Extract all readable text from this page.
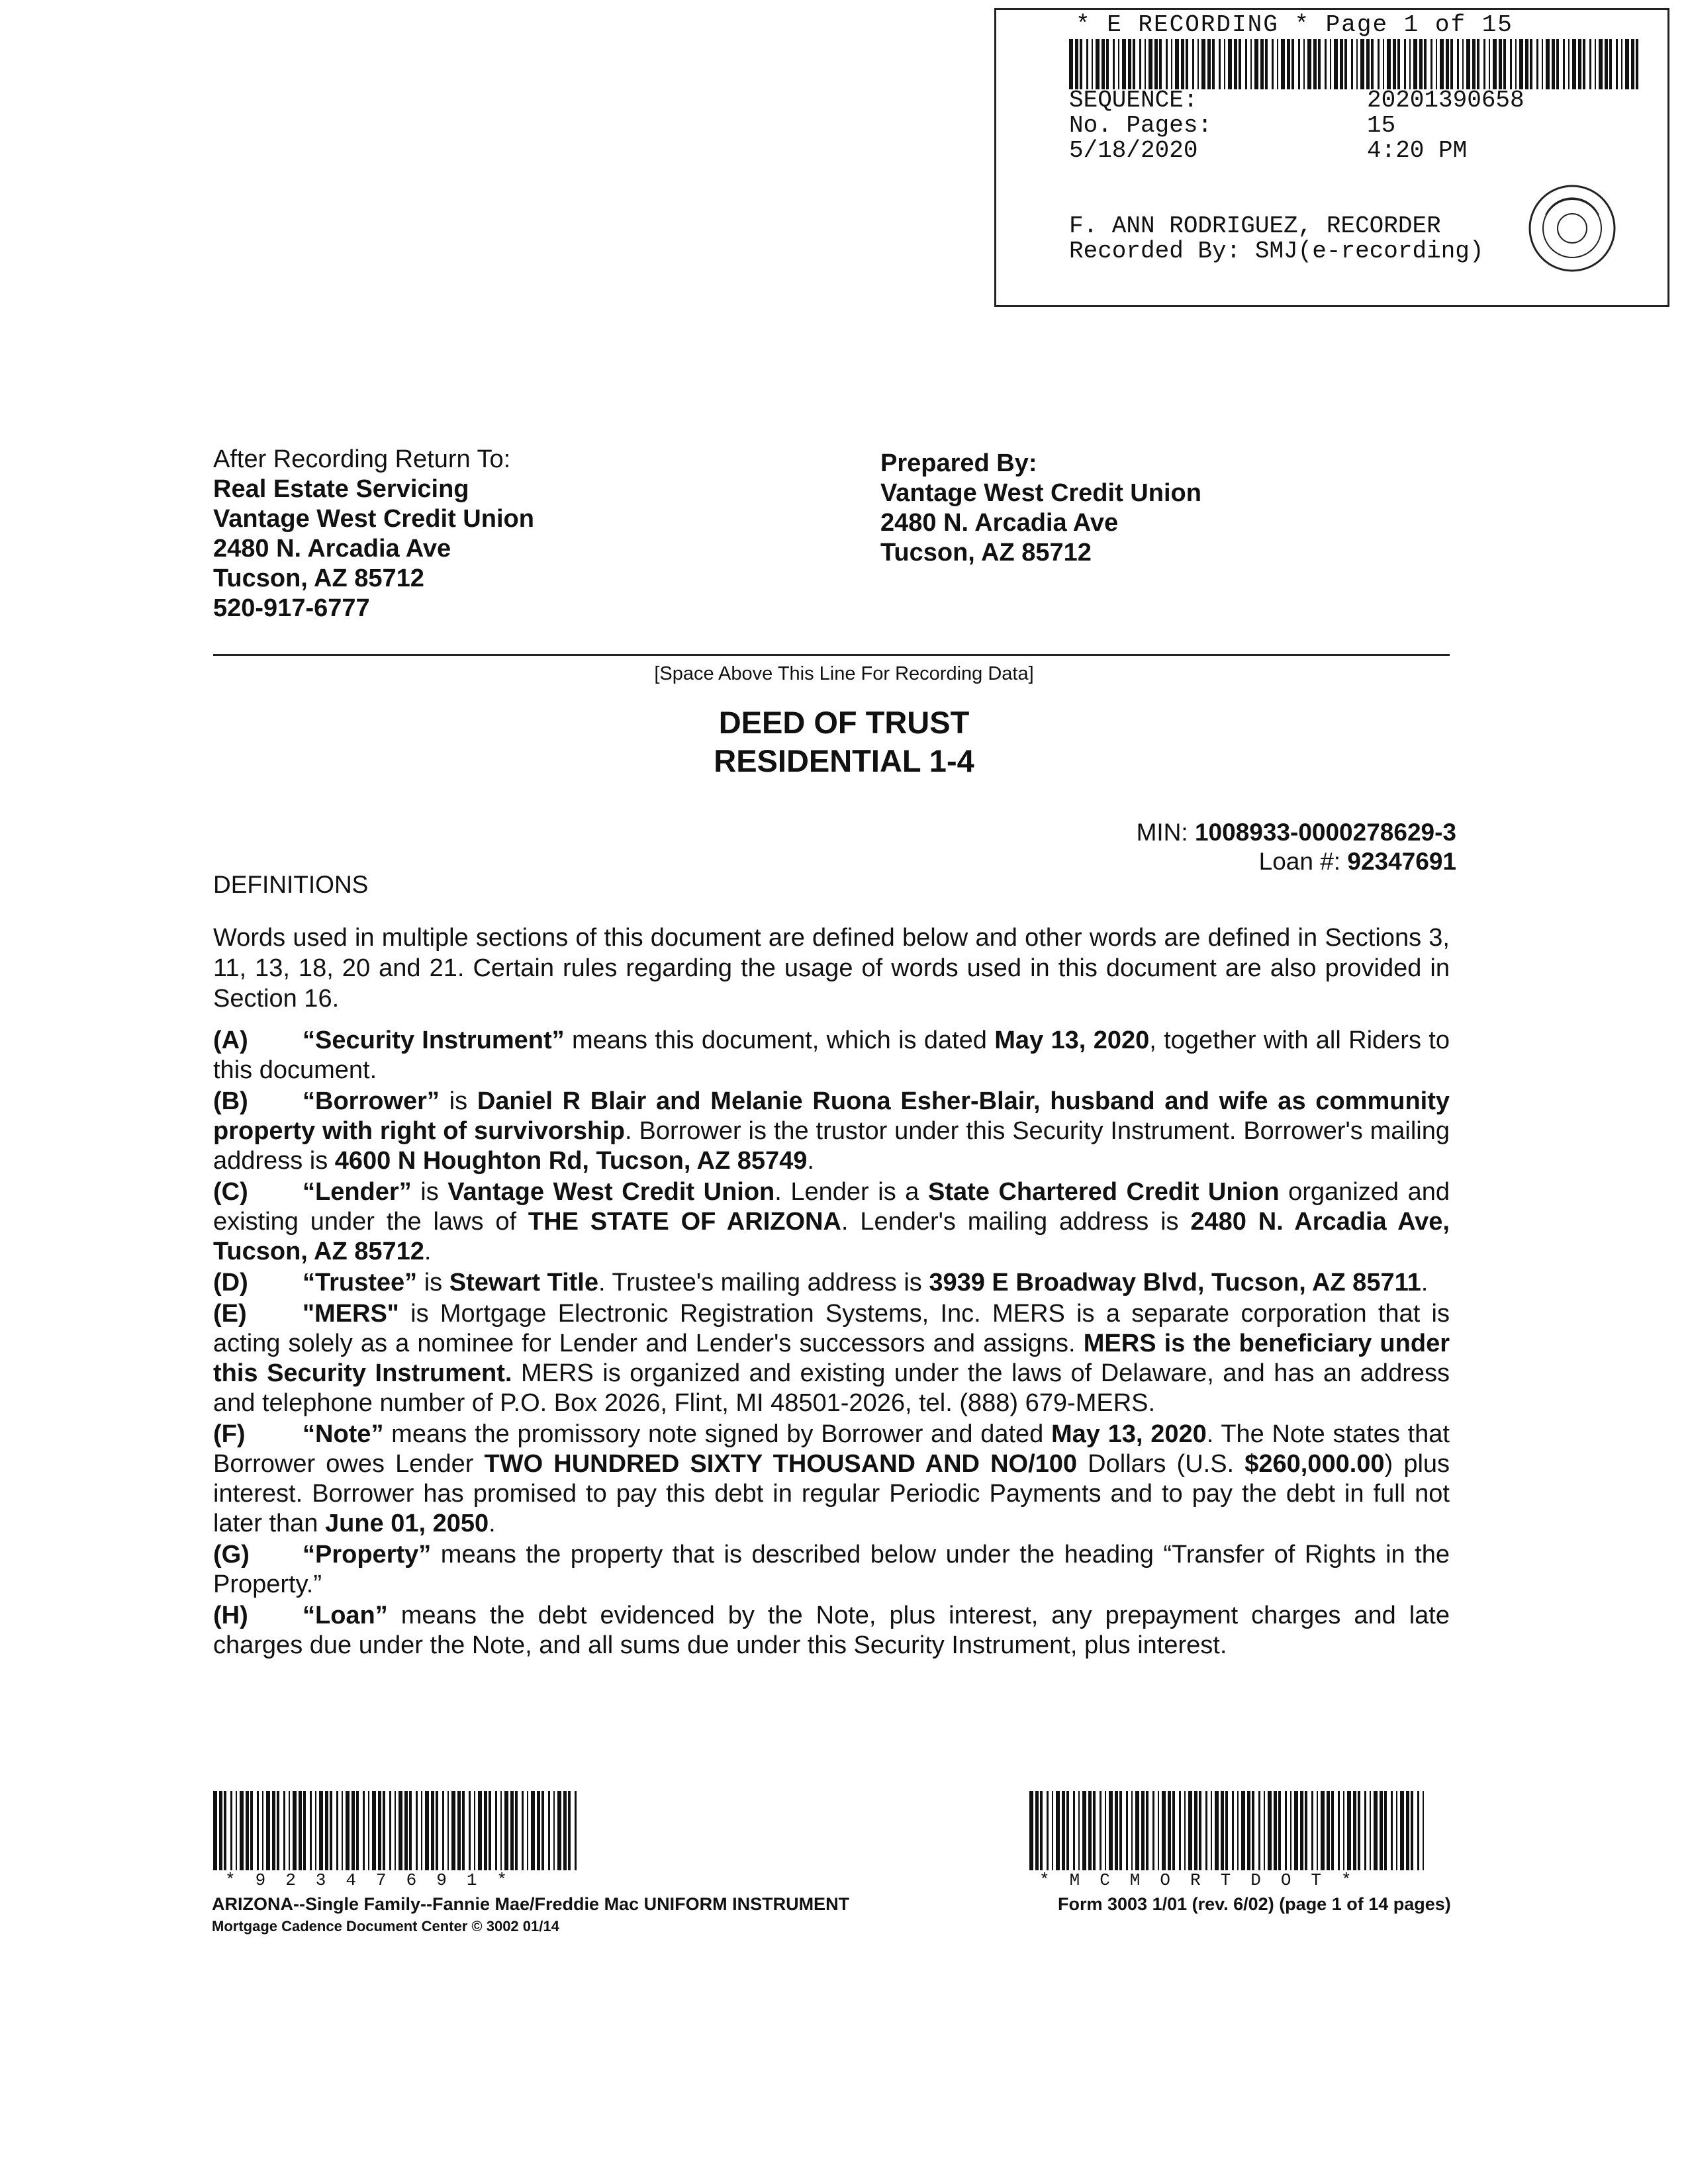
* E RECORDING * Page 1 of 15
SEQUENCE:	20201390658
No. Pages:	15
5/18/2020	4:20 PM
F. ANN RODRIGUEZ, RECORDER
Recorded By: SMJ(e-recording)
After Recording Return To:
Real Estate Servicing
Vantage West Credit Union
2480 N. Arcadia Ave
Tucson, AZ 85712
520-917-6777
Prepared By:
Vantage West Credit Union
2480 N. Arcadia Ave
Tucson, AZ 85712
[Space Above This Line For Recording Data]
DEED OF TRUST
RESIDENTIAL 1-4
MIN: 1008933-0000278629-3
Loan #: 92347691
DEFINITIONS
Words used in multiple sections of this document are defined below and other words are defined in Sections 3, 11, 13, 18, 20 and 21. Certain rules regarding the usage of words used in this document are also provided in Section 16.
(A) “Security Instrument” means this document, which is dated May 13, 2020, together with all Riders to this document.
(B) “Borrower” is Daniel R Blair and Melanie Ruona Esher-Blair, husband and wife as community property with right of survivorship. Borrower is the trustor under this Security Instrument. Borrower's mailing address is 4600 N Houghton Rd, Tucson, AZ 85749.
(C) “Lender” is Vantage West Credit Union. Lender is a State Chartered Credit Union organized and existing under the laws of THE STATE OF ARIZONA. Lender's mailing address is 2480 N. Arcadia Ave, Tucson, AZ 85712.
(D) “Trustee” is Stewart Title. Trustee's mailing address is 3939 E Broadway Blvd, Tucson, AZ 85711.
(E) "MERS" is Mortgage Electronic Registration Systems, Inc. MERS is a separate corporation that is acting solely as a nominee for Lender and Lender's successors and assigns. MERS is the beneficiary under this Security Instrument. MERS is organized and existing under the laws of Delaware, and has an address and telephone number of P.O. Box 2026, Flint, MI 48501-2026, tel. (888) 679-MERS.
(F) “Note” means the promissory note signed by Borrower and dated May 13, 2020. The Note states that Borrower owes Lender TWO HUNDRED SIXTY THOUSAND AND NO/100 Dollars (U.S. $260,000.00) plus interest. Borrower has promised to pay this debt in regular Periodic Payments and to pay the debt in full not later than June 01, 2050.
(G) “Property” means the property that is described below under the heading “Transfer of Rights in the Property.”
(H) “Loan” means the debt evidenced by the Note, plus interest, any prepayment charges and late charges due under the Note, and all sums due under this Security Instrument, plus interest.
*92347691*	*MCMORTDOT*
ARIZONA--Single Family--Fannie Mae/Freddie Mac UNIFORM INSTRUMENT
Mortgage Cadence Document Center © 3002 01/14
Form 3003 1/01 (rev. 6/02) (page 1 of 14 pages)
